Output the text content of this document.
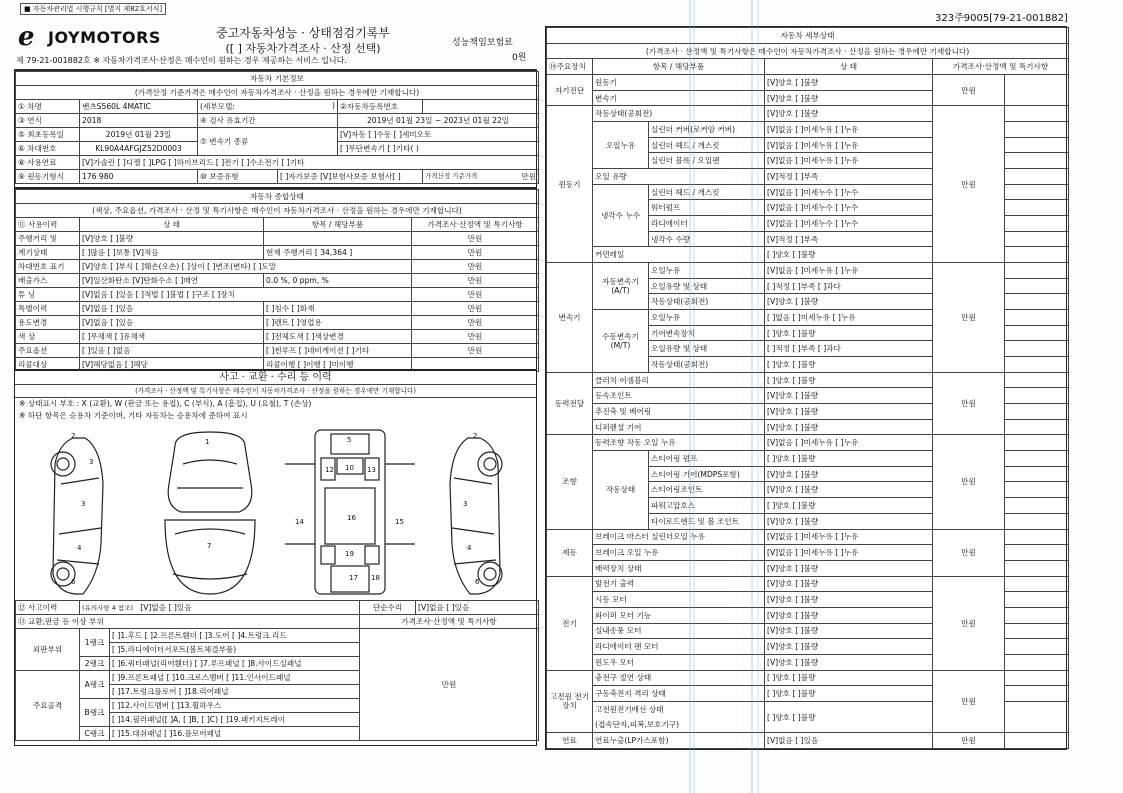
■ 자동차관리법 시행규칙 [별지 제82호서식]
323주9005[79-21-001882]
e JOYMOTORS	중고자동차성능 · 상태점검기록부
([ ] 자동차가격조사 · 산정 선택)	성능책임보험료
0원
제 79-21-001882호 ※ 자동차가격조사·산정은 매수인이 원하는 경우 제공하는 서비스 입니다.
자동차 기본정보					
(가격산정 기준가격은 매수인이 자동차가격조사 · 산정을 원하는 경우에만 기재합니다)					
① 차명	벤츠S560L 4MATIC	(세부모델: )		②자동차등록번호	
③ 연식	2018	④ 검사 유효기간		2019년 01월 23일 ~ 2023년 01월 22일	
⑤ 최초등록일	2019년 01월 23일	⑦ 변속기 종류		[V]자동 [ ]수동 [ ]세미오토	
⑥ 차대번호	KL90A4AFGJZ52D0003			[ ]무단변속기 [ ]기타( )	
⑧ 사용연료	[V]가솔린 [ ]디젤 [ ]LPG [ ]하이브리드 [ ]전기 [ ]수소전기 [ ]기타				
⑨ 원동기형식	176 980	⑩ 보증유형	[ ]자가보증 [V]보험사보증 보험사[ ]		가격산정 기준가격 만원
자동차 종합상태			
(색상, 주요옵션, 가격조사 · 산정 및 특기사항은 매수인이 자동차가격조사 · 산정을 원하는 경우에만 기재합니다)			
⑪ 사용이력	상 태	항목 / 해당부품	가격조사·산정액 및 특기사항
주행거리 및	[V]양호 [ ]불량		만원
계기상태	[ ]많음 [ ]보통 [V]적음	현재 주행거리 [ 34,364 ]	만원
차대번호 표기	[V]양호 [ ]부식 [ ]훼손(오손) [ ]상이 [ ]변조(변타) [ ]도말		만원
배출가스	[V]일산화탄소 [V]탄화수소 [ ]매연	0.0 %, 0 ppm, %	만원
튜 닝	[V]없음 [ ]있음 [ ]적법 [ ]불법 [ ]구조 [ ]장치		만원
특별이력	[V]없음 [ ]있음	[ ]침수 [ ]화재	만원
용도변경	[V]없음 [ ]있음	[ ]렌트 [ ]영업용	만원
색 상	[ ]무채색 [ ]유채색	[ ]전체도색 [ ]색상변경	만원
주요옵션	[ ]있음 [ ]없음	[ ]썬루프 [ ]네비게이션 [ ]기타	만원
리콜대상	[V]해당없음 [ ]해당	리콜이행 [ ]이행 [ ]미이행	
사고 · 교환 · 수리 등 이력
(가격조사 · 산정액 및 특기사항은 매수인이 자동차가격조사 · 산정을 원하는 경우에만 기재합니다)
※ 상태표시 부호 : X (교환), W (판금 또는 용접), C (부식), A (흠집), U (요철), T (손상)
※ 하단 항목은 승용차 기준이며, 기타 자동차는 승용차에 준하여 표시
2
3
3
4
6
1
7
5
12 10 13
16
19
17 18
14	15
2
3
4
6
⑫ 사고이력	(유의사항 4 참조) [V]없음 [ ]있음		단순수리	[V]없음 [ ]있음
⑬ 교환,판금 등 이상 부위			가격조사·산정액 및 특기사항	
외판부위	1랭크	[ ]1.후드 [ ]2.프론트휀더 [ ]3.도어 [ ]4.트렁크 리드	만원	
		[ ]5.라디에이터서포트(볼트체결부품)		
	2랭크	[ ]6.쿼터패널(리어휀더) [ ]7.루프패널 [ ]8.사이드실패널		
주요골격	A랭크	[ ]9.프론트패널 [ ]10.크로스멤버 [ ]11.인사이드패널		
		[ ]17.트렁크플로어 [ ]18.리어패널		
	B랭크	[ ]12.사이드멤버 [ ]13.휠하우스		
		[ ]14.필러패널([ ]A, [ ]B, [ ]C) [ ]19.패키지트레이		
	C랭크	[ ]15.대쉬패널 [ ]16.플로어패널		
자동차 세부상태					
(가격조사 · 산정액 및 특기사항은 매수인이 자동차가격조사 · 산정을 원하는 경우에만 기재합니다)					
⑭주요장치	항목 / 해당부품		상 태	가격조사·산정액 및 특기사항	
자기진단	원동기		[V]양호 [ ]불량	만원	
	변속기		[V]양호 [ ]불량		
원동기	작동상태(공회전)		[V]양호 [ ]불량	만원	
	오일누유	실린더 커버(로커암 커버)	[V]없음 [ ]미세누유 [ ]누유		
		실린더 헤드 / 개스킷	[V]없음 [ ]미세누유 [ ]누유		
		실린더 블록 / 오일팬	[V]없음 [ ]미세누유 [ ]누유		
	오일 유량		[V]적정 [ ]부족		
	냉각수 누수	실린더 헤드 / 개스킷	[V]없음 [ ]미세누수 [ ]누수		
		워터펌프	[V]없음 [ ]미세누수 [ ]누수		
		라디에이터	[V]없음 [ ]미세누수 [ ]누수		
		냉각수 수량	[V]적정 [ ]부족		
	커먼레일		[ ]양호 [ ]불량		
변속기	자동변속기 (A/T)	오일누유	[V]없음 [ ]미세누유 [ ]누유	만원	
		오일유량 및 상태	[ ]적정 [ ]부족 [ ]과다		
		작동상태(공회전)	[V]양호 [ ]불량		
	수동변속기 (M/T)	오일누유	[ ]없음 [ ]미세누유 [ ]누유		
		기어변속장치	[ ]양호 [ ]불량		
		오일유량 및 상태	[ ]적정 [ ]부족 [ ]과다		
		작동상태(공회전)	[ ]양호 [ ]불량		
동력전달	클러치 어셈블리		[ ]양호 [ ]불량	만원	
	등속조인트		[V]양호 [ ]불량		
	추진축 및 베어링		[V]양호 [ ]불량		
	디퍼렌셜 기어		[V]양호 [ ]불량		
조향	동력조향 작동 오일 누유		[V]없음 [ ]미세누유 [ ]누유	만원	
	작동상태	스티어링 펌프	[ ]양호 [ ]불량		
		스티어링 기어(MDPS포함)	[V]양호 [ ]불량		
		스티어링조인트	[V]양호 [ ]불량		
		파워고압호스	[ ]양호 [ ]불량		
		타이로드엔드 및 볼 조인트	[V]양호 [ ]불량		
제동	브레이크 마스터 실린더오일 누유		[V]없음 [ ]미세누유 [ ]누유	만원	
	브레이크 오일 누유		[V]없음 [ ]미세누유 [ ]누유		
	배력장치 상태		[V]양호 [ ]불량		
전기	발전기 출력		[V]양호 [ ]불량	만원	
	시동 모터		[V]양호 [ ]불량		
	와이퍼 모터 기능		[V]양호 [ ]불량		
	실내송풍 모터		[V]양호 [ ]불량		
	라디에이터 팬 모터		[V]양호 [ ]불량		
	윈도우 모터		[V]양호 [ ]불량		
고전원 전기장치	충전구 절연 상태		[ ]양호 [ ]불량	만원	
	구동축전지 격리 상태		[ ]양호 [ ]불량		
	고전원전기배선 상태		[ ]양호 [ ]불량		
	(접속단자,피복,보호기구)				
연료	연료누출(LP가스포함)		[V]없음 [ ]있음	만원	
